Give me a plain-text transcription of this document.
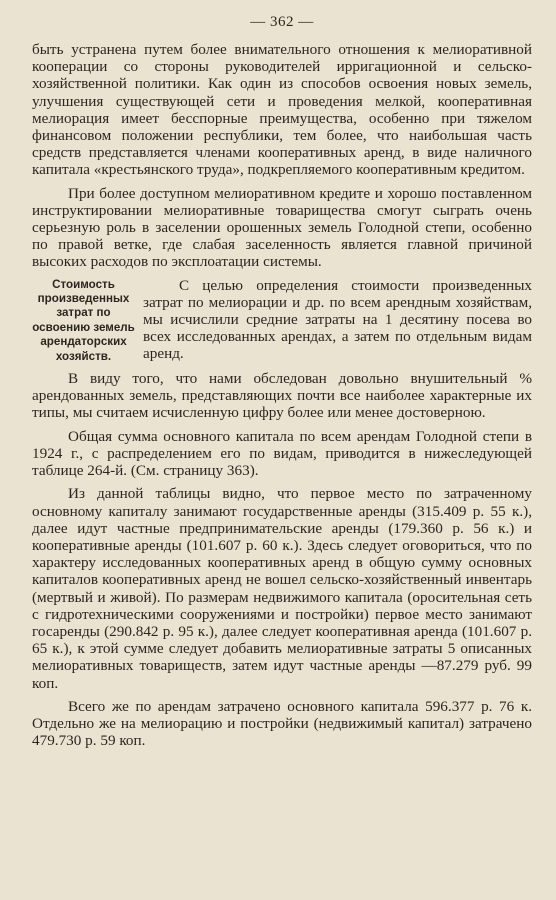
— 362 —

быть устранена путем более внимательного отношения к мелиоративной кооперации со стороны руководителей ирригационной и сельско-хозяйственной политики. Как один из способов освоения новых земель, улучшения существующей сети и проведения мелкой, кооперативная мелиорация имеет бесспорные преимущества, особенно при тяжелом финансовом положении республики, тем более, что наибольшая часть средств представляется членами кооперативных аренд, в виде наличного капитала «крестьянского труда», подкрепляемого кооперативным кредитом.

При более доступном мелиоративном кредите и хорошо поставленном инструктировании мелиоративные товарищества смогут сыграть очень серьезную роль в заселении орошенных земель Голодной степи, особенно по правой ветке, где слабая заселенность является главной причиной высоких расходов по эксплоатации системы.

Стоимость произведенных затрат по освоению земель арендаторских хозяйств.

С целью определения стоимости произведенных затрат по мелиорации и др. по всем арендным хозяйствам, мы исчислили средние затраты на 1 десятину посева во всех исследованных арендах, а затем по отдельным видам аренд.

В виду того, что нами обследован довольно внушительный % арендованных земель, представляющих почти все наиболее характерные их типы, мы считаем исчисленную цифру более или менее достоверною.

Общая сумма основного капитала по всем арендам Голодной степи в 1924 г., с распределением его по видам, приводится в нижеследующей таблице 264-й. (См. страницу 363).

Из данной таблицы видно, что первое место по затраченному основному капиталу занимают государственные аренды (315.409 р. 55 к.), далее идут частные предпринимательские аренды (179.360 р. 56 к.) и кооперативные аренды (101.607 р. 60 к.). Здесь следует оговориться, что по характеру исследованных кооперативных аренд в общую сумму основных капиталов кооперативных аренд не вошел сельско-хозяйственный инвентарь (мертвый и живой). По размерам недвижимого капитала (оросительная сеть с гидротехническими сооружениями и постройки) первое место занимают госаренды (290.842 р. 95 к.), далее следует кооперативная аренда (101.607 р. 65 к.), к этой сумме следует добавить мелиоративные затраты 5 описанных мелиоративных товариществ, затем идут частные аренды —87.279 руб. 99 коп.

Всего же по арендам затрачено основного капитала 596.377 р. 76 к. Отдельно же на мелиорацию и постройки (недвижимый капитал) затрачено 479.730 р. 59 коп.
